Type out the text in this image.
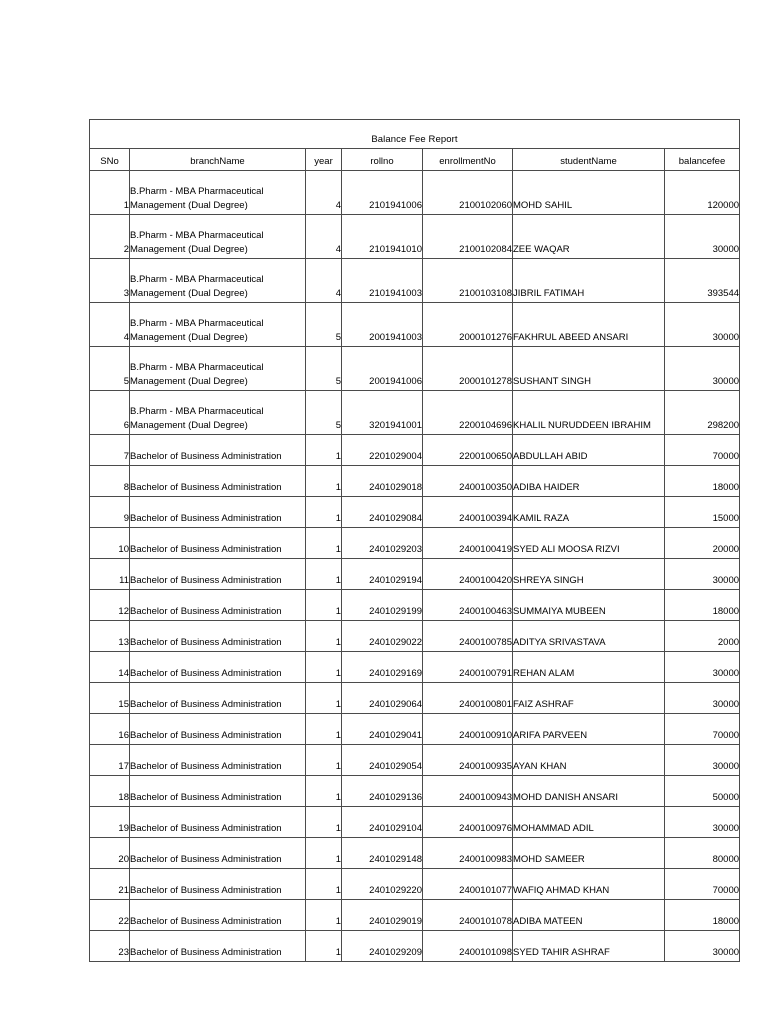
Balance Fee Report						
SNo	branchName	year	rollno	enrollmentNo	studentName	balancefee
1	B.Pharm - MBA Pharmaceutical Management (Dual Degree)	4	2101941006	2100102060	MOHD SAHIL	120000
2	B.Pharm - MBA Pharmaceutical Management (Dual Degree)	4	2101941010	2100102084	ZEE WAQAR	30000
3	B.Pharm - MBA Pharmaceutical Management (Dual Degree)	4	2101941003	2100103108	JIBRIL FATIMAH	393544
4	B.Pharm - MBA Pharmaceutical Management (Dual Degree)	5	2001941003	2000101276	FAKHRUL ABEED ANSARI	30000
5	B.Pharm - MBA Pharmaceutical Management (Dual Degree)	5	2001941006	2000101278	SUSHANT SINGH	30000
6	B.Pharm - MBA Pharmaceutical Management (Dual Degree)	5	3201941001	2200104696	KHALIL NURUDDEEN IBRAHIM	298200
7	Bachelor of Business Administration	1	2201029004	2200100650	ABDULLAH ABID	70000
8	Bachelor of Business Administration	1	2401029018	2400100350	ADIBA HAIDER	18000
9	Bachelor of Business Administration	1	2401029084	2400100394	KAMIL RAZA	15000
10	Bachelor of Business Administration	1	2401029203	2400100419	SYED ALI MOOSA RIZVI	20000
11	Bachelor of Business Administration	1	2401029194	2400100420	SHREYA SINGH	30000
12	Bachelor of Business Administration	1	2401029199	2400100463	SUMMAIYA MUBEEN	18000
13	Bachelor of Business Administration	1	2401029022	2400100785	ADITYA SRIVASTAVA	2000
14	Bachelor of Business Administration	1	2401029169	2400100791	REHAN ALAM	30000
15	Bachelor of Business Administration	1	2401029064	2400100801	FAIZ ASHRAF	30000
16	Bachelor of Business Administration	1	2401029041	2400100910	ARIFA PARVEEN	70000
17	Bachelor of Business Administration	1	2401029054	2400100935	AYAN KHAN	30000
18	Bachelor of Business Administration	1	2401029136	2400100943	MOHD DANISH ANSARI	50000
19	Bachelor of Business Administration	1	2401029104	2400100976	MOHAMMAD ADIL	30000
20	Bachelor of Business Administration	1	2401029148	2400100983	MOHD SAMEER	80000
21	Bachelor of Business Administration	1	2401029220	2400101077	WAFIQ AHMAD KHAN	70000
22	Bachelor of Business Administration	1	2401029019	2400101078	ADIBA MATEEN	18000
23	Bachelor of Business Administration	1	2401029209	2400101098	SYED TAHIR ASHRAF	30000
